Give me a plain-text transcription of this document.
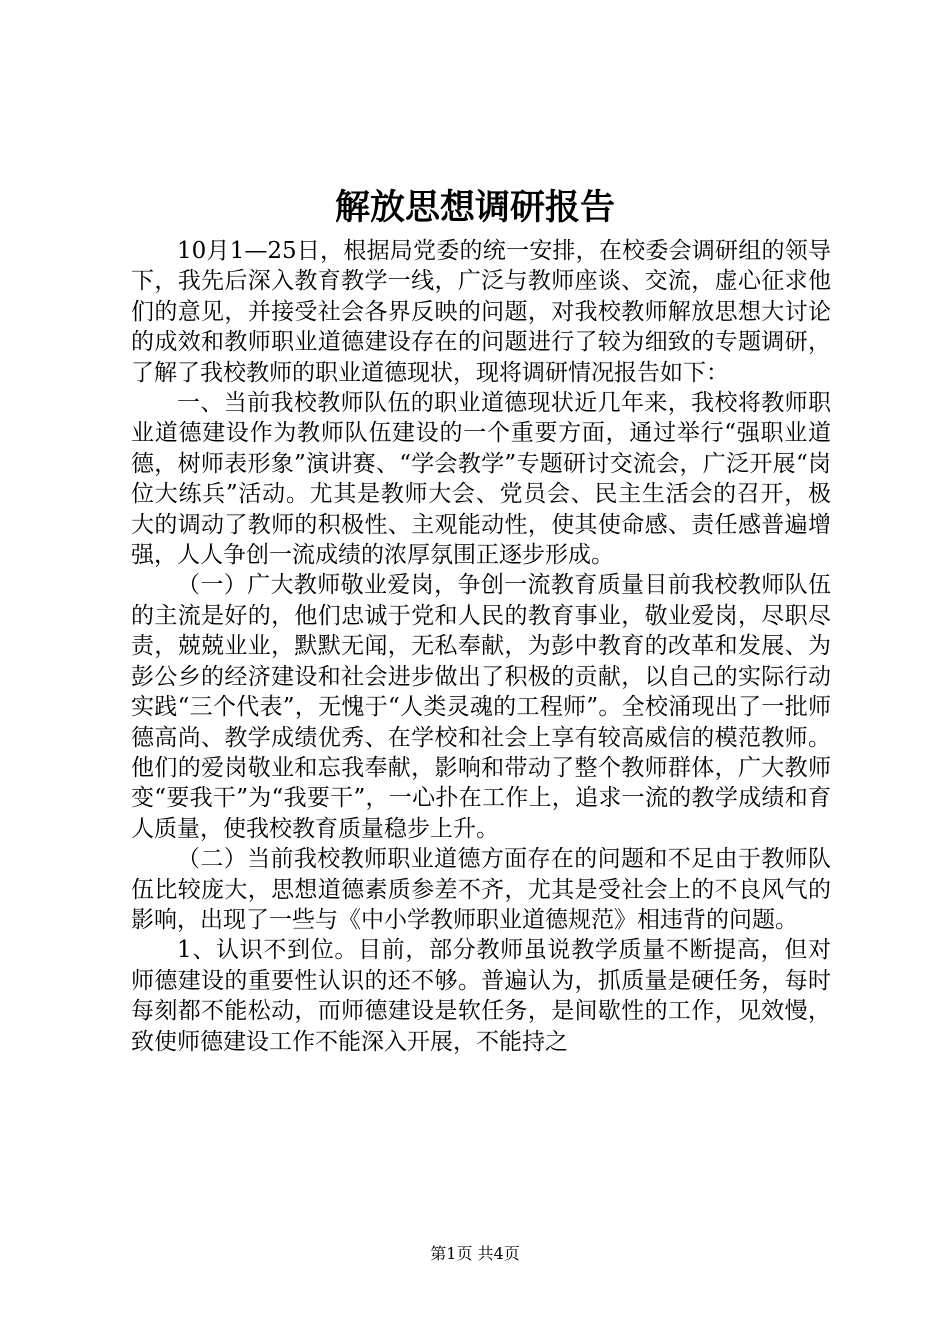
解放思想调研报告

10月1—25日，根据局党委的统一安排，在校委会调研组的领导下，我先后深入教育教学一线，广泛与教师座谈、交流，虚心征求他们的意见，并接受社会各界反映的问题，对我校教师解放思想大讨论的成效和教师职业道德建设存在的问题进行了较为细致的专题调研，了解了我校教师的职业道德现状，现将调研情况报告如下：

一、当前我校教师队伍的职业道德现状近几年来，我校将教师职业道德建设作为教师队伍建设的一个重要方面，通过举行“强职业道德，树师表形象”演讲赛、“学会教学”专题研讨交流会，广泛开展“岗位大练兵”活动。尤其是教师大会、党员会、民主生活会的召开，极大的调动了教师的积极性、主观能动性，使其使命感、责任感普遍增强，人人争创一流成绩的浓厚氛围正逐步形成。

（一）广大教师敬业爱岗，争创一流教育质量目前我校教师队伍的主流是好的，他们忠诚于党和人民的教育事业，敬业爱岗，尽职尽责，兢兢业业，默默无闻，无私奉献，为彭中教育的改革和发展、为彭公乡的经济建设和社会进步做出了积极的贡献，以自己的实际行动实践“三个代表”，无愧于“人类灵魂的工程师”。全校涌现出了一批师德高尚、教学成绩优秀、在学校和社会上享有较高威信的模范教师。他们的爱岗敬业和忘我奉献，影响和带动了整个教师群体，广大教师变“要我干”为“我要干”，一心扑在工作上，追求一流的教学成绩和育人质量，使我校教育质量稳步上升。

（二）当前我校教师职业道德方面存在的问题和不足由于教师队伍比较庞大，思想道德素质参差不齐，尤其是受社会上的不良风气的影响，出现了一些与《中小学教师职业道德规范》相违背的问题。

1、认识不到位。目前，部分教师虽说教学质量不断提高，但对师德建设的重要性认识的还不够。普遍认为，抓质量是硬任务，每时每刻都不能松动，而师德建设是软任务，是间歇性的工作，见效慢，致使师德建设工作不能深入开展，不能持之

第1页 共4页
